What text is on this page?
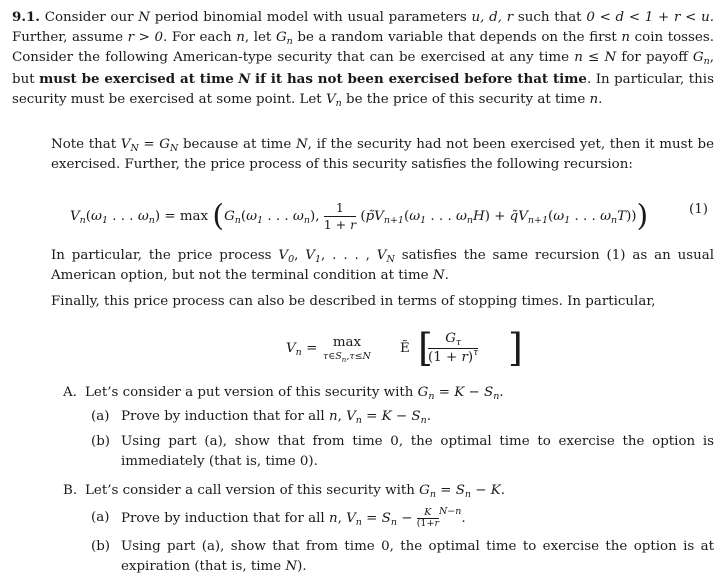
9.1. Consider our N period binomial model with usual parameters u, d, r such that 0 < d < 1 + r < u. Further, assume r > 0. For each n, let $G_n$ be a random variable that depends on the first n coin tosses. Consider the following American-type security that can be exercised at any time n ≤ N for payoff $G_n$, but must be exercised at time N if it has not been exercised before that time. In particular, this security must be exercised at some point. Let $V_n$ be the price of this security at time n.

Note that $V_N = G_N$ because at time N, if the security had not been exercised yet, then it must be exercised. Further, the price process of this security satisfies the following recursion:

$V_n(\omega_1$ . . . $\omega_n) = \max (G_n(\omega_1$ . . . $\omega_n$), $\frac{1}{1 + r}$ ($p̃V_{n+1}(\omega_1$ . . . $\omega_nH$) + $q̃V_{n+1}(\omega_1$ . . . $\omega_nT$)))	(1)

In particular, the price process $V_0$, $V_1$, . . . , $V_N$ satisfies the same recursion (1) as an usual American option, but not the terminal condition at time N.

Finally, this price process can also be described in terms of stopping times. In particular,

$V_n$ =	max
$\tau\in S_n,\tau\le N$
Ẽ [ $G_\tau$
$(1 + r)^\tau$ ]
A. Let’s consider a put version of this security with $G_n = K - S_n$.
(a) Prove by induction that for all n, $V_n = K - S_n$.
(b) Using part (a), show that from time 0, the optimal time to exercise the option is immediately (that is, time 0).
B. Let’s consider a call version of this security with $G_n = S_n - K$.
(a) Prove by induction that for all n, $V_n = S_n - \frac{K}{(1+r} ^{N-n}$.
(b) Using part (a), show that from time 0, the optimal time to exercise the option is at expiration (that is, time N).
